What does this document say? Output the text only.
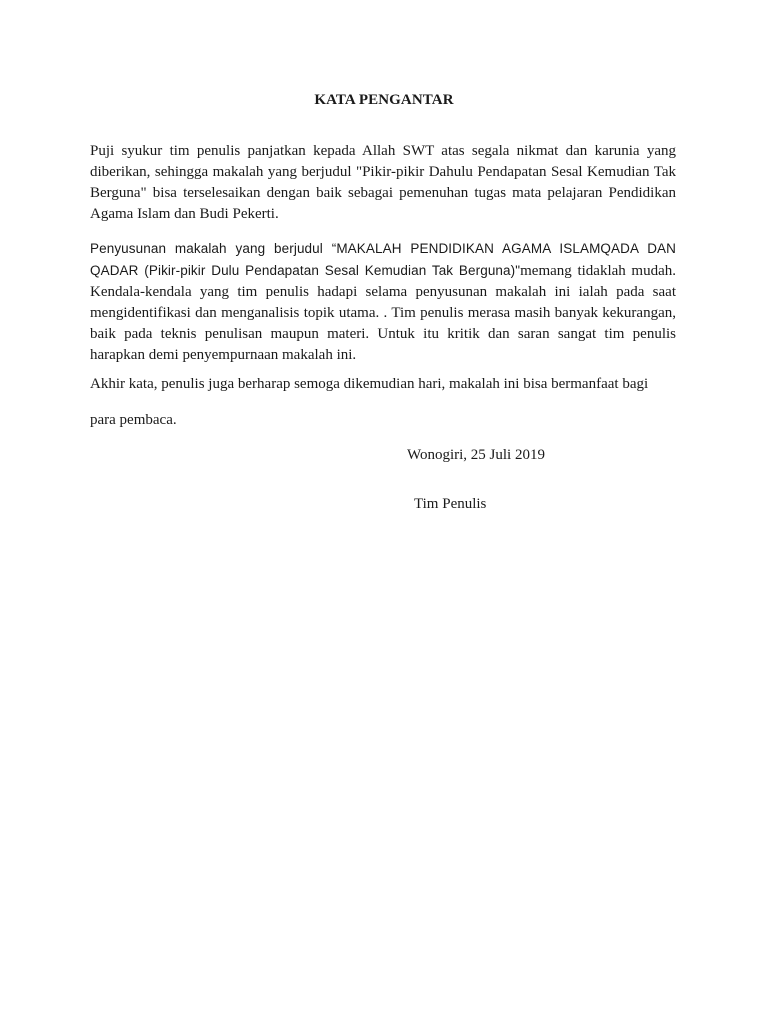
KATA PENGANTAR

Puji syukur tim penulis panjatkan kepada Allah SWT atas segala nikmat dan karunia yang diberikan, sehingga makalah yang berjudul "Pikir-pikir Dahulu Pendapatan Sesal Kemudian Tak Berguna" bisa terselesaikan dengan baik sebagai pemenuhan tugas mata pelajaran Pendidikan Agama Islam dan Budi Pekerti.

Penyusunan makalah yang berjudul “MAKALAH PENDIDIKAN AGAMA ISLAMQADA DAN QADAR (Pikir-pikir Dulu Pendapatan Sesal Kemudian Tak Berguna)"memang tidaklah mudah. Kendala-kendala yang tim penulis hadapi selama penyusunan makalah ini ialah pada saat mengidentifikasi dan menganalisis topik utama. . Tim penulis merasa masih banyak kekurangan, baik pada teknis penulisan maupun materi. Untuk itu kritik dan saran sangat tim penulis harapkan demi penyempurnaan makalah ini.

Akhir kata, penulis juga berharap semoga dikemudian hari, makalah ini bisa bermanfaat bagi

para pembaca.

Wonogiri, 25 Juli 2019
Tim Penulis
